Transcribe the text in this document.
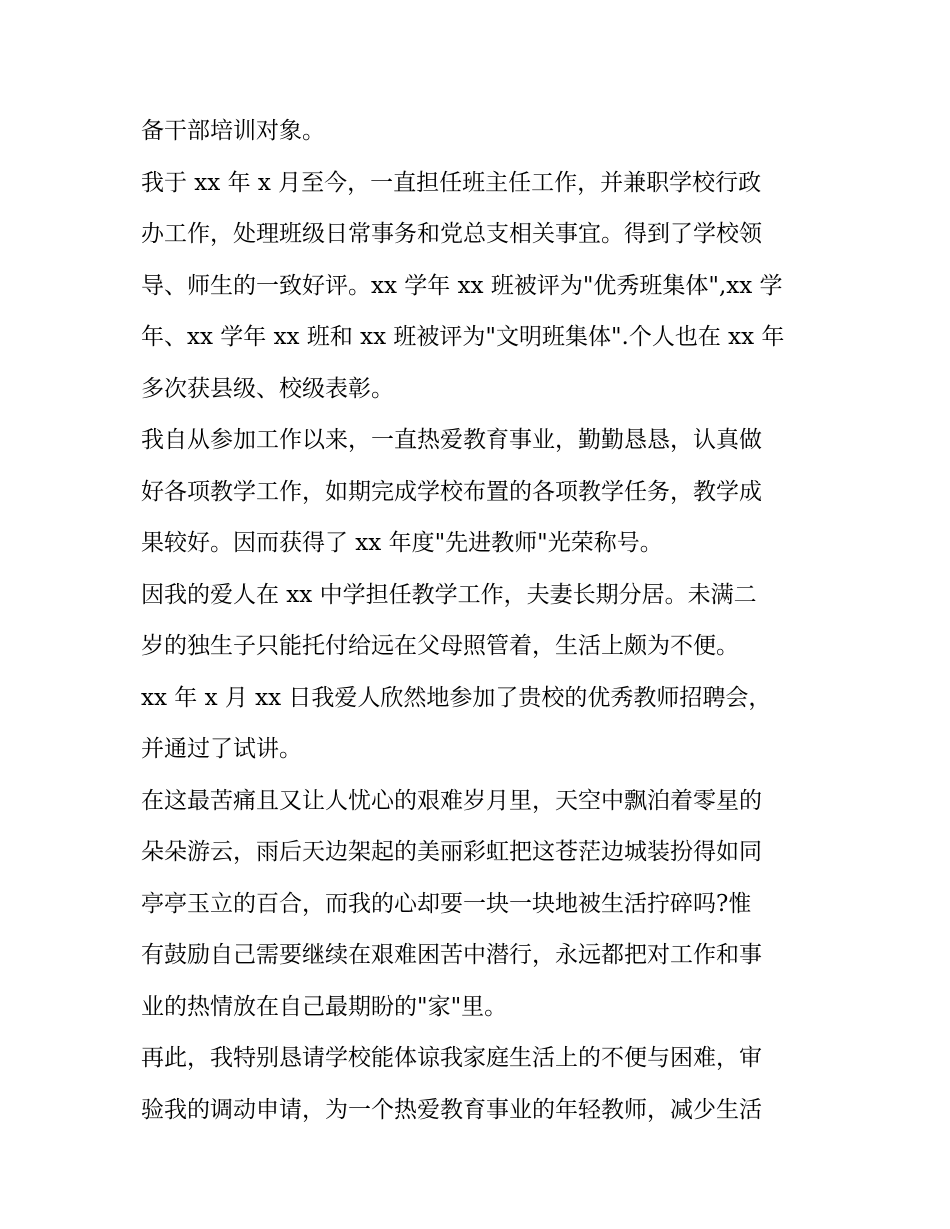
备干部培训对象。

我于 xx 年 x 月至今，一直担任班主任工作，并兼职学校行政

办工作，处理班级日常事务和党总支相关事宜。得到了学校领

导、师生的一致好评。xx 学年 xx 班被评为"优秀班集体",xx 学

年、xx 学年 xx 班和 xx 班被评为"文明班集体".个人也在 xx 年

多次获县级、校级表彰。

我自从参加工作以来，一直热爱教育事业，勤勤恳恳，认真做

好各项教学工作，如期完成学校布置的各项教学任务，教学成

果较好。因而获得了 xx 年度"先进教师"光荣称号。

因我的爱人在 xx 中学担任教学工作，夫妻长期分居。未满二

岁的独生子只能托付给远在父母照管着，生活上颇为不便。

xx 年 x 月 xx 日我爱人欣然地参加了贵校的优秀教师招聘会，

并通过了试讲。

在这最苦痛且又让人忧心的艰难岁月里，天空中飘泊着零星的

朵朵游云，雨后天边架起的美丽彩虹把这苍茫边城装扮得如同

亭亭玉立的百合，而我的心却要一块一块地被生活拧碎吗?惟

有鼓励自己需要继续在艰难困苦中潜行，永远都把对工作和事

业的热情放在自己最期盼的"家"里。

再此，我特别恳请学校能体谅我家庭生活上的不便与困难，审

验我的调动申请，为一个热爱教育事业的年轻教师，减少生活
